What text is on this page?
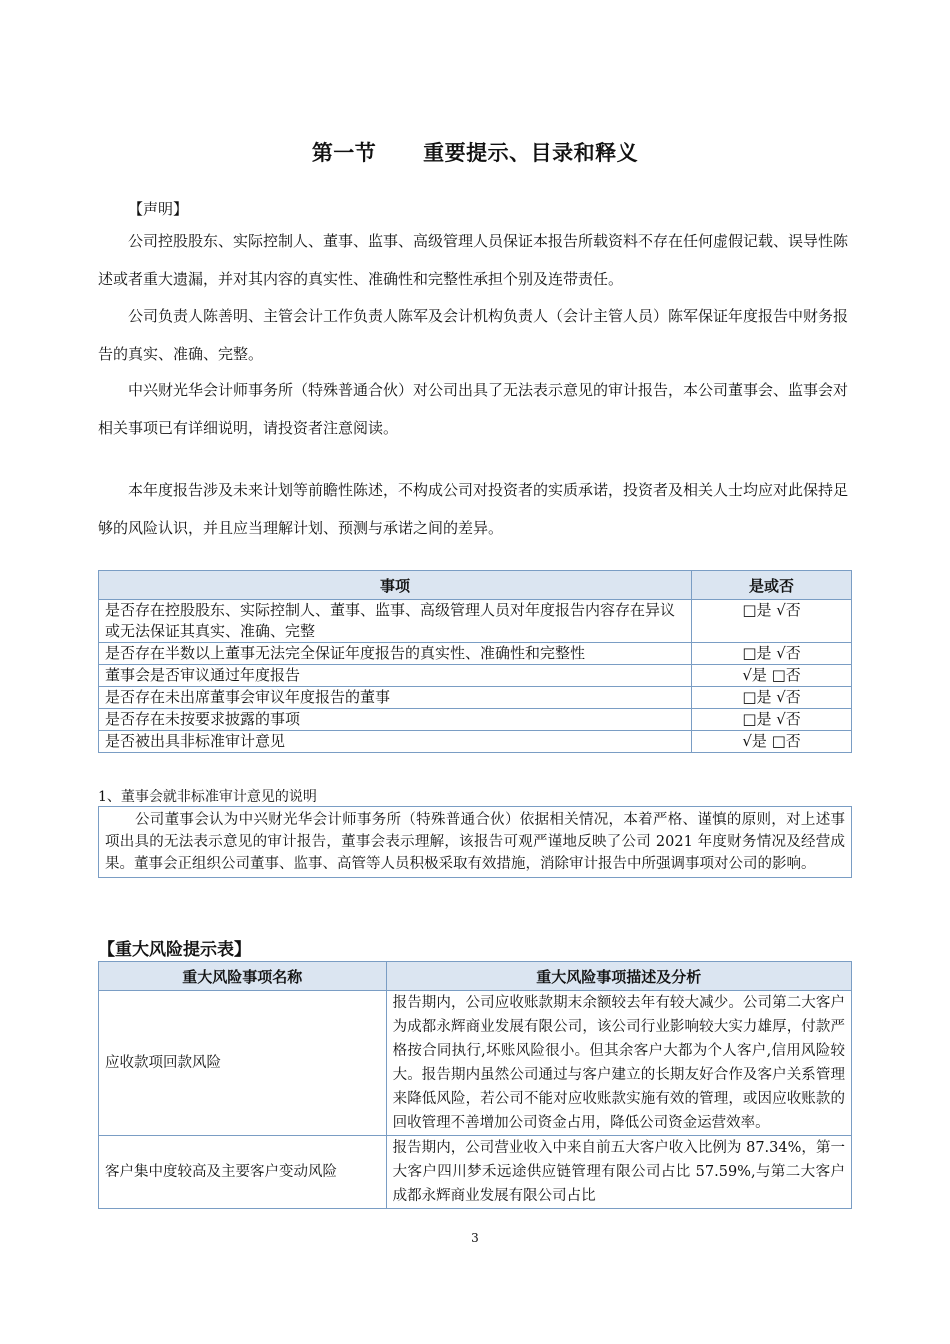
第一节      重要提示、目录和释义

【声明】

公司控股股东、实际控制人、董事、监事、高级管理人员保证本报告所载资料不存在任何虚假记载、误导性陈述或者重大遗漏，并对其内容的真实性、准确性和完整性承担个别及连带责任。

公司负责人陈善明、主管会计工作负责人陈军及会计机构负责人（会计主管人员）陈军保证年度报告中财务报告的真实、准确、完整。

中兴财光华会计师事务所（特殊普通合伙）对公司出具了无法表示意见的审计报告，本公司董事会、监事会对相关事项已有详细说明，请投资者注意阅读。

本年度报告涉及未来计划等前瞻性陈述，不构成公司对投资者的实质承诺，投资者及相关人士均应对此保持足够的风险认识，并且应当理解计划、预测与承诺之间的差异。

事项	是或否
是否存在控股股东、实际控制人、董事、监事、高级管理人员对年度报告内容存在异议或无法保证其真实、准确、完整	□是 √否
是否存在半数以上董事无法完全保证年度报告的真实性、准确性和完整性	□是 √否
董事会是否审议通过年度报告	√是 □否
是否存在未出席董事会审议年度报告的董事	□是 √否
是否存在未按要求披露的事项	□是 √否
是否被出具非标准审计意见	√是 □否
1、董事会就非标准审计意见的说明
公司董事会认为中兴财光华会计师事务所（特殊普通合伙）依据相关情况，本着严格、谨慎的原则，对上述事项出具的无法表示意见的审计报告，董事会表示理解，该报告可观严谨地反映了公司 2021 年度财务情况及经营成果。董事会正组织公司董事、监事、高管等人员积极采取有效措施，消除审计报告中所强调事项对公司的影响。
【重大风险提示表】
重大风险事项名称	重大风险事项描述及分析
应收款项回款风险	报告期内，公司应收账款期末余额较去年有较大减少。公司第二大客户为成都永辉商业发展有限公司，该公司行业影响较大实力雄厚，付款严格按合同执行,坏账风险很小。但其余客户大都为个人客户,信用风险较大。报告期内虽然公司通过与客户建立的长期友好合作及客户关系管理来降低风险，若公司不能对应收账款实施有效的管理，或因应收账款的回收管理不善增加公司资金占用，降低公司资金运营效率。
客户集中度较高及主要客户变动风险	报告期内，公司营业收入中来自前五大客户收入比例为 87.34%，第一大客户四川梦禾远途供应链管理有限公司占比 57.59%,与第二大客户成都永辉商业发展有限公司占比
3
